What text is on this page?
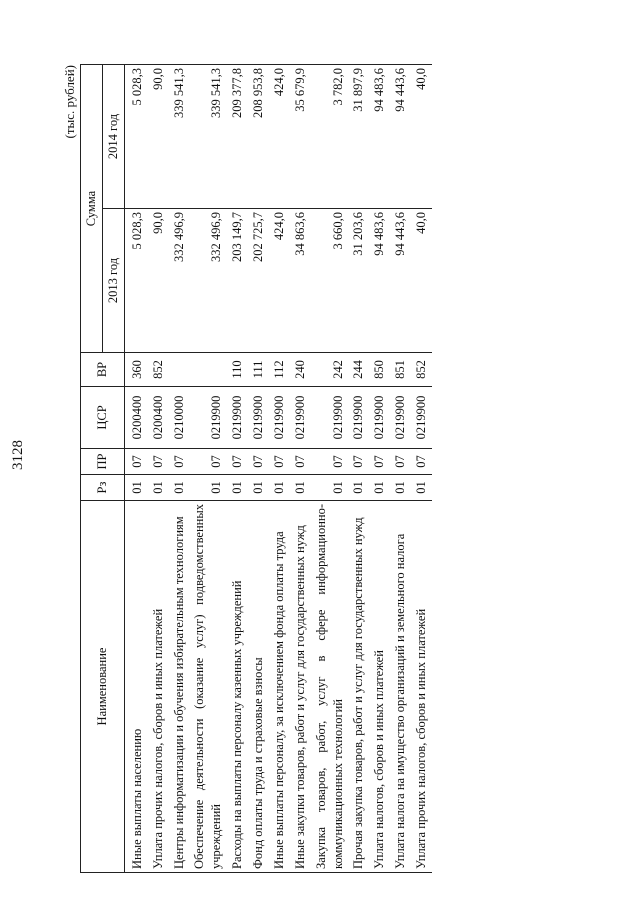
3128
(тыс. рублей)
Наименование	Рз	ПР	ЦСР	ВР	Сумма	
					2013 год	2014 год
Иные выплаты населению	01	07	0200400	360	5 028,3	5 028,3
Уплата прочих налогов, сборов и иных платежей	01	07	0200400	852	90,0	90,0
Центры информатизации и обучения избирательным технологиям	01	07	0210000		332 496,9	339 541,3
Обеспечение деятельности (оказание услуг) подведомственных учреждений	01	07	0219900		332 496,9	339 541,3
Расходы на выплаты персоналу казенных учреждений	01	07	0219900	110	203 149,7	209 377,8
Фонд оплаты труда и страховые взносы	01	07	0219900	111	202 725,7	208 953,8
Иные выплаты персоналу, за исключением фонда оплаты труда	01	07	0219900	112	424,0	424,0
Иные закупки товаров, работ и услуг для государственных нужд	01	07	0219900	240	34 863,6	35 679,9
Закупка товаров, работ, услуг в сфере информационно-коммуникационных технологий	01	07	0219900	242	3 660,0	3 782,0
Прочая закупка товаров, работ и услуг для государственных нужд	01	07	0219900	244	31 203,6	31 897,9
Уплата налогов, сборов и иных платежей	01	07	0219900	850	94 483,6	94 483,6
Уплата налога на имущество организаций и земельного налога	01	07	0219900	851	94 443,6	94 443,6
Уплата прочих налогов, сборов и иных платежей	01	07	0219900	852	40,0	40,0
